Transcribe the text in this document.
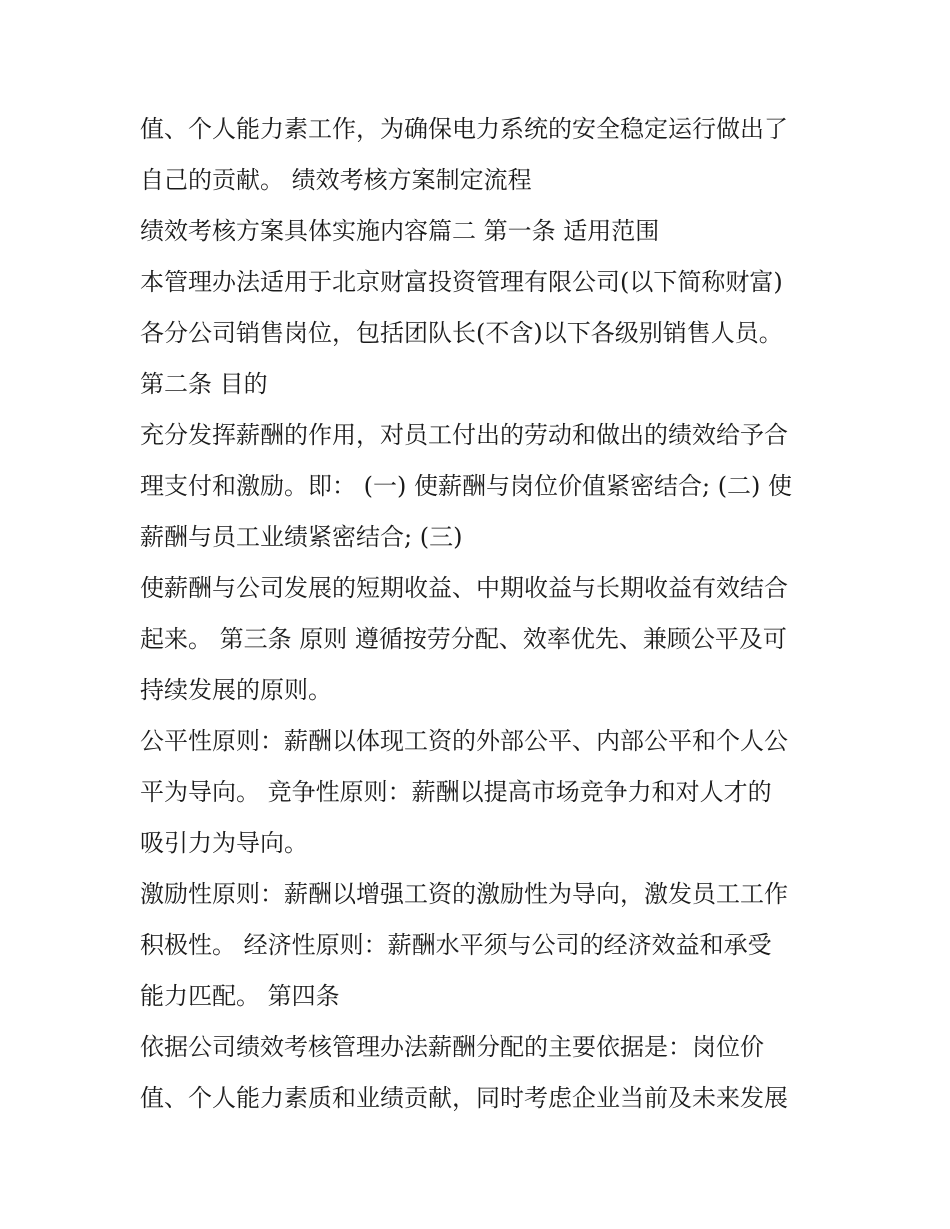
值、个人能力素工作，为确保电力系统的安全稳定运行做出了
自己的贡献。 绩效考核方案制定流程
绩效考核方案具体实施内容篇二 第一条 适用范围
本管理办法适用于北京财富投资管理有限公司(以下简称财富)
各分公司销售岗位，包括团队长(不含)以下各级别销售人员。
第二条 目的
充分发挥薪酬的作用，对员工付出的劳动和做出的绩效给予合
理支付和激励。即： (一) 使薪酬与岗位价值紧密结合; (二) 使
薪酬与员工业绩紧密结合; (三)
使薪酬与公司发展的短期收益、中期收益与长期收益有效结合
起来。 第三条 原则 遵循按劳分配、效率优先、兼顾公平及可
持续发展的原则。
公平性原则：薪酬以体现工资的外部公平、内部公平和个人公
平为导向。 竞争性原则：薪酬以提高市场竞争力和对人才的
吸引力为导向。
激励性原则：薪酬以增强工资的激励性为导向，激发员工工作
积极性。 经济性原则：薪酬水平须与公司的经济效益和承受
能力匹配。 第四条
依据公司绩效考核管理办法薪酬分配的主要依据是：岗位价
值、个人能力素质和业绩贡献，同时考虑企业当前及未来发展
